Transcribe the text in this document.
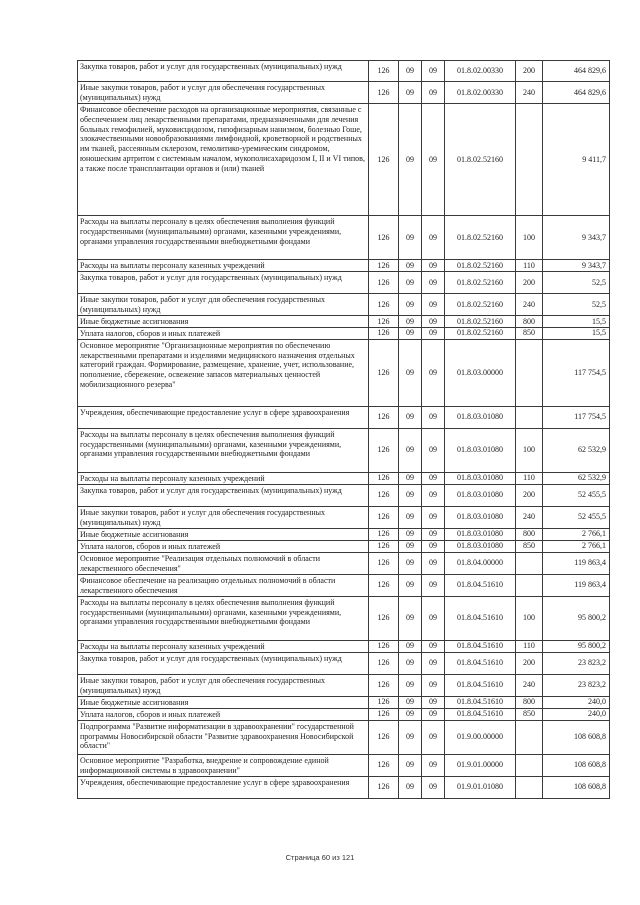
Закупка товаров, работ и услуг для государственных (муниципальных) нужд	126	09	09	01.8.02.00330	200	464 829,6
Иные закупки товаров, работ и услуг для обеспечения государственных (муниципальных) нужд	126	09	09	01.8.02.00330	240	464 829,6
Финансовое обеспечение расходов на организационные мероприятия, связанные с обеспечением лиц лекарственными препаратами, предназначенными для лечения больных гемофилией, муковисцидозом, гипофизарным нанизмом, болезнью Гоше, злокачественными новообразованиями лимфоидной, кроветворной и родственных им тканей, рассеянным склерозом, гемолитико-уремическим синдромом, юношеским артритом с системным началом, мукополисахаридозом I, II и VI типов, а также после трансплантации органов и (или) тканей	126	09	09	01.8.02.52160		9 411,7
Расходы на выплаты персоналу в целях обеспечения выполнения функций государственными (муниципальными) органами, казенными учреждениями, органами управления государственными внебюджетными фондами	126	09	09	01.8.02.52160	100	9 343,7
Расходы на выплаты персоналу казенных учреждений	126	09	09	01.8.02.52160	110	9 343,7
Закупка товаров, работ и услуг для государственных (муниципальных) нужд	126	09	09	01.8.02.52160	200	52,5
Иные закупки товаров, работ и услуг для обеспечения государственных (муниципальных) нужд	126	09	09	01.8.02.52160	240	52,5
Иные бюджетные ассигнования	126	09	09	01.8.02.52160	800	15,5
Уплата налогов, сборов и иных платежей	126	09	09	01.8.02.52160	850	15,5
Основное мероприятие "Организационные мероприятия по обеспечению лекарственными препаратами и изделиями медицинского назначения отдельных категорий граждан. Формирование, размещение, хранение, учет, использование, пополнение, сбережение, освежение запасов материальных ценностей мобилизационного резерва"	126	09	09	01.8.03.00000		117 754,5
Учреждения, обеспечивающие предоставление услуг в сфере здравоохранения	126	09	09	01.8.03.01080		117 754,5
Расходы на выплаты персоналу в целях обеспечения выполнения функций государственными (муниципальными) органами, казенными учреждениями, органами управления государственными внебюджетными фондами	126	09	09	01.8.03.01080	100	62 532,9
Расходы на выплаты персоналу казенных учреждений	126	09	09	01.8.03.01080	110	62 532,9
Закупка товаров, работ и услуг для государственных (муниципальных) нужд	126	09	09	01.8.03.01080	200	52 455,5
Иные закупки товаров, работ и услуг для обеспечения государственных (муниципальных) нужд	126	09	09	01.8.03.01080	240	52 455,5
Иные бюджетные ассигнования	126	09	09	01.8.03.01080	800	2 766,1
Уплата налогов, сборов и иных платежей	126	09	09	01.8.03.01080	850	2 766,1
Основное мероприятие "Реализация отдельных полномочий в области лекарственного обеспечения"	126	09	09	01.8.04.00000		119 863,4
Финансовое обеспечение на реализацию отдельных полномочий в области лекарственного обеспечения	126	09	09	01.8.04.51610		119 863,4
Расходы на выплаты персоналу в целях обеспечения выполнения функций государственными (муниципальными) органами, казенными учреждениями, органами управления государственными внебюджетными фондами	126	09	09	01.8.04.51610	100	95 800,2
Расходы на выплаты персоналу казенных учреждений	126	09	09	01.8.04.51610	110	95 800,2
Закупка товаров, работ и услуг для государственных (муниципальных) нужд	126	09	09	01.8.04.51610	200	23 823,2
Иные закупки товаров, работ и услуг для обеспечения государственных (муниципальных) нужд	126	09	09	01.8.04.51610	240	23 823,2
Иные бюджетные ассигнования	126	09	09	01.8.04.51610	800	240,0
Уплата налогов, сборов и иных платежей	126	09	09	01.8.04.51610	850	240,0
Подпрограмма "Развитие информатизации в здравоохранении" государственной программы Новосибирской области "Развитие здравоохранения Новосибирской области"	126	09	09	01.9.00.00000		108 608,8
Основное мероприятие "Разработка, внедрение и сопровождение единой информационной системы в здравоохранении"	126	09	09	01.9.01.00000		108 608,8
Учреждения, обеспечивающие предоставление услуг в сфере здравоохранения	126	09	09	01.9.01.01080		108 608,8
Страница 60 из 121
